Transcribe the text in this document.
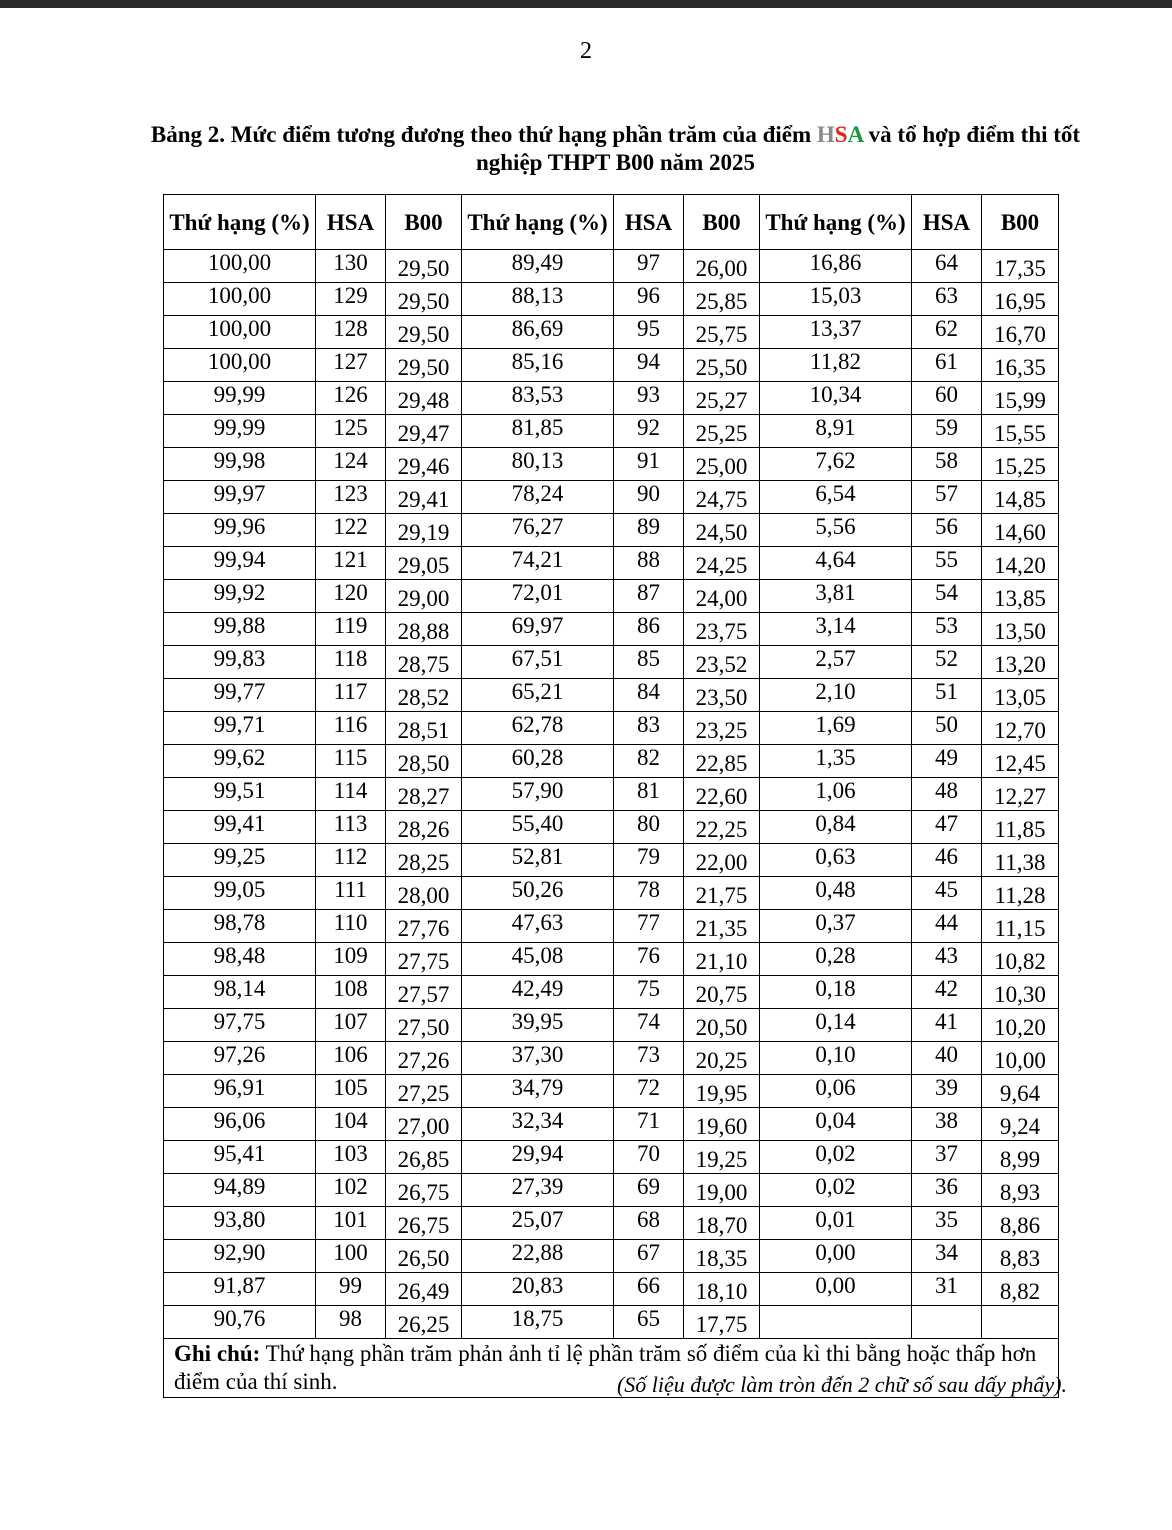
2
Bảng 2. Mức điểm tương đương theo thứ hạng phần trăm của điểm HSA và tổ hợp điểm thi tốt nghiệp THPT B00 năm 2025
Thứ hạng (%)	HSA	B00	Thứ hạng (%)	HSA	B00	Thứ hạng (%)	HSA	B00
100,00	130	29,50	89,49	97	26,00	16,86	64	17,35
100,00	129	29,50	88,13	96	25,85	15,03	63	16,95
100,00	128	29,50	86,69	95	25,75	13,37	62	16,70
100,00	127	29,50	85,16	94	25,50	11,82	61	16,35
99,99	126	29,48	83,53	93	25,27	10,34	60	15,99
99,99	125	29,47	81,85	92	25,25	8,91	59	15,55
99,98	124	29,46	80,13	91	25,00	7,62	58	15,25
99,97	123	29,41	78,24	90	24,75	6,54	57	14,85
99,96	122	29,19	76,27	89	24,50	5,56	56	14,60
99,94	121	29,05	74,21	88	24,25	4,64	55	14,20
99,92	120	29,00	72,01	87	24,00	3,81	54	13,85
99,88	119	28,88	69,97	86	23,75	3,14	53	13,50
99,83	118	28,75	67,51	85	23,52	2,57	52	13,20
99,77	117	28,52	65,21	84	23,50	2,10	51	13,05
99,71	116	28,51	62,78	83	23,25	1,69	50	12,70
99,62	115	28,50	60,28	82	22,85	1,35	49	12,45
99,51	114	28,27	57,90	81	22,60	1,06	48	12,27
99,41	113	28,26	55,40	80	22,25	0,84	47	11,85
99,25	112	28,25	52,81	79	22,00	0,63	46	11,38
99,05	111	28,00	50,26	78	21,75	0,48	45	11,28
98,78	110	27,76	47,63	77	21,35	0,37	44	11,15
98,48	109	27,75	45,08	76	21,10	0,28	43	10,82
98,14	108	27,57	42,49	75	20,75	0,18	42	10,30
97,75	107	27,50	39,95	74	20,50	0,14	41	10,20
97,26	106	27,26	37,30	73	20,25	0,10	40	10,00
96,91	105	27,25	34,79	72	19,95	0,06	39	9,64
96,06	104	27,00	32,34	71	19,60	0,04	38	9,24
95,41	103	26,85	29,94	70	19,25	0,02	37	8,99
94,89	102	26,75	27,39	69	19,00	0,02	36	8,93
93,80	101	26,75	25,07	68	18,70	0,01	35	8,86
92,90	100	26,50	22,88	67	18,35	0,00	34	8,83
91,87	99	26,49	20,83	66	18,10	0,00	31	8,82
90,76	98	26,25	18,75	65	17,75			
Ghi chú: Thứ hạng phần trăm phản ảnh tỉ lệ phần trăm số điểm của kì thi bằng hoặc thấp hơn điểm của thí sinh.									(Số liệu được làm tròn đến 2 chữ số sau dấy phẩy).
